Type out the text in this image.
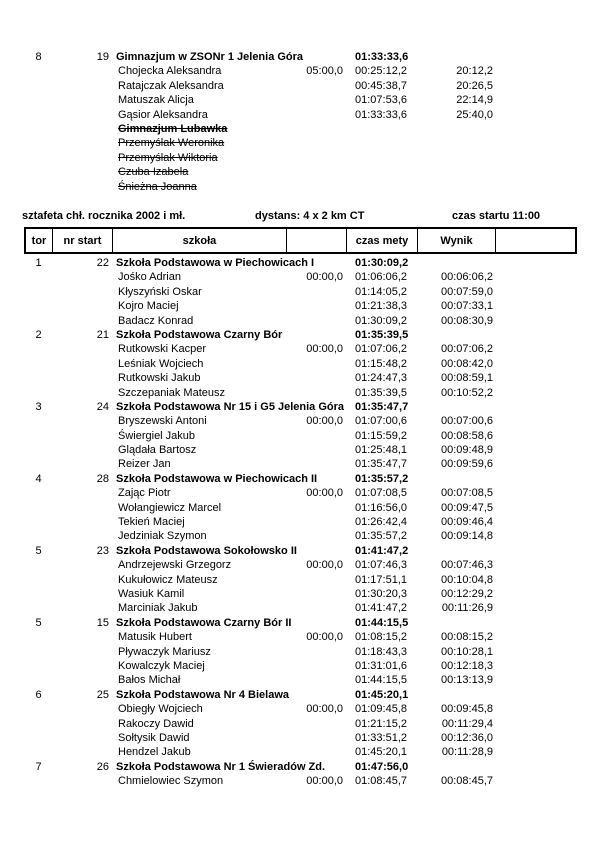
8	19 Gimnazjum w ZSONr 1 Jelenia Góra	01:33:33,6
Chojecka Aleksandra	05:00,0	00:25:12,2	20:12,2
Ratajczak Aleksandra	00:45:38,7	20:26,5
Matuszak Alicja	01:07:53,6	22:14,9
Gąsior Aleksandra	01:33:33,6	25:40,0
Gimnazjum Lubawka
Przemyślak Weronika
Przemyślak Wiktoria
Czuba Izabela
Śnieżna Joanna
sztafeta chł. rocznika 2002 i mł.	dystans: 4 x 2 km CT	czas startu 11:00
tor	nr start	szkoła	czas mety	Wynik
1	22 Szkoła Podstawowa w Piechowicach I	01:30:09,2
Jośko Adrian	00:00,0	01:06:06,2	00:06:06,2
Kłyszyński Oskar	01:14:05,2	00:07:59,0
Kojro Maciej	01:21:38,3	00:07:33,1
Badacz Konrad	01:30:09,2	00:08:30,9
2	21 Szkoła Podstawowa Czarny Bór	01:35:39,5
Rutkowski Kacper	00:00,0	01:07:06,2	00:07:06,2
Leśniak Wojciech	01:15:48,2	00:08:42,0
Rutkowski Jakub	01:24:47,3	00:08:59,1
Szczepaniak Mateusz	01:35:39,5	00:10:52,2
3	24 Szkoła Podstawowa Nr 15 i G5 Jelenia Góra 01:35:47,7
Bryszewski Antoni	00:00,0	01:07:00,6	00:07:00,6
Świergiel Jakub	01:15:59,2	00:08:58,6
Glądała Bartosz	01:25:48,1	00:09:48,9
Reizer Jan	01:35:47,7	00:09:59,6
4	28 Szkoła Podstawowa w Piechowicach II	01:35:57,2
Zając Piotr	00:00,0	01:07:08,5	00:07:08,5
Wołangiewicz Marcel	01:16:56,0	00:09:47,5
Tekień Maciej	01:26:42,4	00:09:46,4
Jedziniak Szymon	01:35:57,2	00:09:14,8
5	23 Szkoła Podstawowa Sokołowsko II	01:41:47,2
Andrzejewski Grzegorz	00:00,0	01:07:46,3	00:07:46,3
Kukułowicz Mateusz	01:17:51,1	00:10:04,8
Wasiuk Kamil	01:30:20,3	00:12:29,2
Marciniak Jakub	01:41:47,2	00:11:26,9
5	15 Szkoła Podstawowa Czarny Bór II	01:44:15,5
Matusik Hubert	00:00,0	01:08:15,2	00:08:15,2
Pływaczyk Mariusz	01:18:43,3	00:10:28,1
Kowalczyk Maciej	01:31:01,6	00:12:18,3
Bałos Michał	01:44:15,5	00:13:13,9
6	25 Szkoła Podstawowa Nr 4 Bielawa	01:45:20,1
Obiegły Wojciech	00:00,0	01:09:45,8	00:09:45,8
Rakoczy Dawid	01:21:15,2	00:11:29,4
Sołtysik Dawid	01:33:51,2	00:12:36,0
Hendzel Jakub	01:45:20,1	00:11:28,9
7	26 Szkoła Podstawowa Nr 1 Świeradów Zd.	01:47:56,0
Chmielowiec Szymon	00:00,0	01:08:45,7	00:08:45,7
